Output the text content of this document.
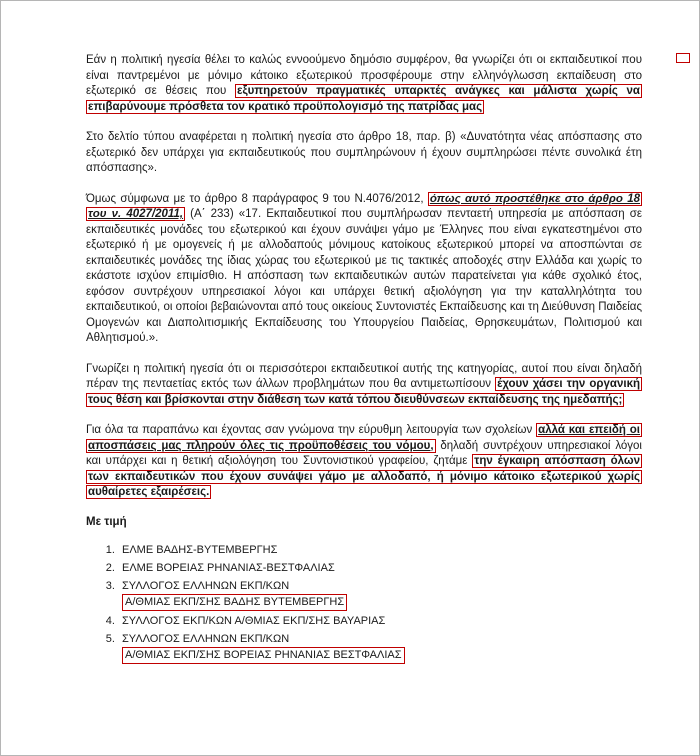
Εάν η πολιτική ηγεσία θέλει το καλώς εννοούμενο δημόσιο συμφέρον, θα γνωρίζει ότι οι εκπαιδευτικοί που είναι παντρεμένοι με μόνιμο κάτοικο εξωτερικού προσφέρουμε στην ελληνόγλωσση εκπαίδευση στο εξωτερικό σε θέσεις που εξυπηρετούν πραγματικές υπαρκτές ανάγκες και μάλιστα χωρίς να επιβαρύνουμε πρόσθετα τον κρατικό προϋπολογισμό της πατρίδας μας

Στο δελτίο τύπου αναφέρεται η πολιτική ηγεσία στο άρθρο 18, παρ. β) «Δυνατότητα νέας απόσπασης στο εξωτερικό δεν υπάρχει για εκπαιδευτικούς που συμπληρώνουν ή έχουν συμπληρώσει πέντε συνολικά έτη απόσπασης».

Όμως σύμφωνα με το άρθρο 8 παράγραφος 9 του Ν.4076/2012, όπως αυτό προστέθηκε στο άρθρο 18 του ν. 4027/2011, (Α΄ 233) «17. Εκπαιδευτικοί που συμπλήρωσαν πενταετή υπηρεσία με απόσπαση σε εκπαιδευτικές μονάδες του εξωτερικού και έχουν συνάψει γάμο με Έλληνες που είναι εγκατεστημένοι στο εξωτερικό ή με ομογενείς ή με αλλοδαπούς μόνιμους κατοίκους εξωτερικού μπορεί να αποσπώνται σε εκπαιδευτικές μονάδες της ίδιας χώρας του εξωτερικού με τις τακτικές αποδοχές στην Ελλάδα και χωρίς το εκάστοτε ισχύον επιμίσθιο. Η απόσπαση των εκπαιδευτικών αυτών παρατείνεται για κάθε σχολικό έτος, εφόσον συντρέχουν υπηρεσιακοί λόγοι και υπάρχει θετική αξιολόγηση για την καταλληλότητα του εκπαιδευτικού, οι οποίοι βεβαιώνονται από τους οικείους Συντονιστές Εκπαίδευσης και τη Διεύθυνση Παιδείας Ομογενών και Διαπολιτισμικής Εκπαίδευσης του Υπουργείου Παιδείας, Θρησκευμάτων, Πολιτισμού και Αθλητισμού.».

Γνωρίζει η πολιτική ηγεσία ότι οι περισσότεροι εκπαιδευτικοί αυτής της κατηγορίας, αυτοί που είναι δηλαδή πέραν της πενταετίας εκτός των άλλων προβλημάτων που θα αντιμετωπίσουν έχουν χάσει την οργανική τους θέση και βρίσκονται στην διάθεση των κατά τόπου διευθύνσεων εκπαίδευσης της ημεδαπής;

Για όλα τα παραπάνω και έχοντας σαν γνώμονα την εύρυθμη λειτουργία των σχολείων αλλά και επειδή οι αποσπάσεις μας πληρούν όλες τις προϋποθέσεις του νόμου, δηλαδή συντρέχουν υπηρεσιακοί λόγοι και υπάρχει και η θετική αξιολόγηση του Συντονιστικού γραφείου, ζητάμε την έγκαιρη απόσπαση όλων των εκπαιδευτικών που έχουν συνάψει γάμο με αλλοδαπό, ή μόνιμο κάτοικο εξωτερικού χωρίς αυθαίρετες εξαιρέσεις.

Με τιμή

1. ΕΛΜΕ ΒΑΔΗΣ-ΒΥΤΕΜΒΕΡΓΗΣ
2. ΕΛΜΕ ΒΟΡΕΙΑΣ ΡΗΝΑΝΙΑΣ-ΒΕΣΤΦΑΛΙΑΣ
3. ΣΥΛΛΟΓΟΣ ΕΛΛΗΝΩΝ ΕΚΠ/ΚΩΝ
Α/ΘΜΙΑΣ ΕΚΠ/ΣΗΣ ΒΑΔΗΣ ΒΥΤΕΜΒΕΡΓΗΣ
4. ΣΥΛΛΟΓΟΣ ΕΚΠ/ΚΩΝ Α/ΘΜΙΑΣ ΕΚΠ/ΣΗΣ ΒΑΥΑΡΙΑΣ
5. ΣΥΛΛΟΓΟΣ ΕΛΛΗΝΩΝ ΕΚΠ/ΚΩΝ
Α/ΘΜΙΑΣ ΕΚΠ/ΣΗΣ ΒΟΡΕΙΑΣ ΡΗΝΑΝΙΑΣ ΒΕΣΤΦΑΛΙΑΣ
